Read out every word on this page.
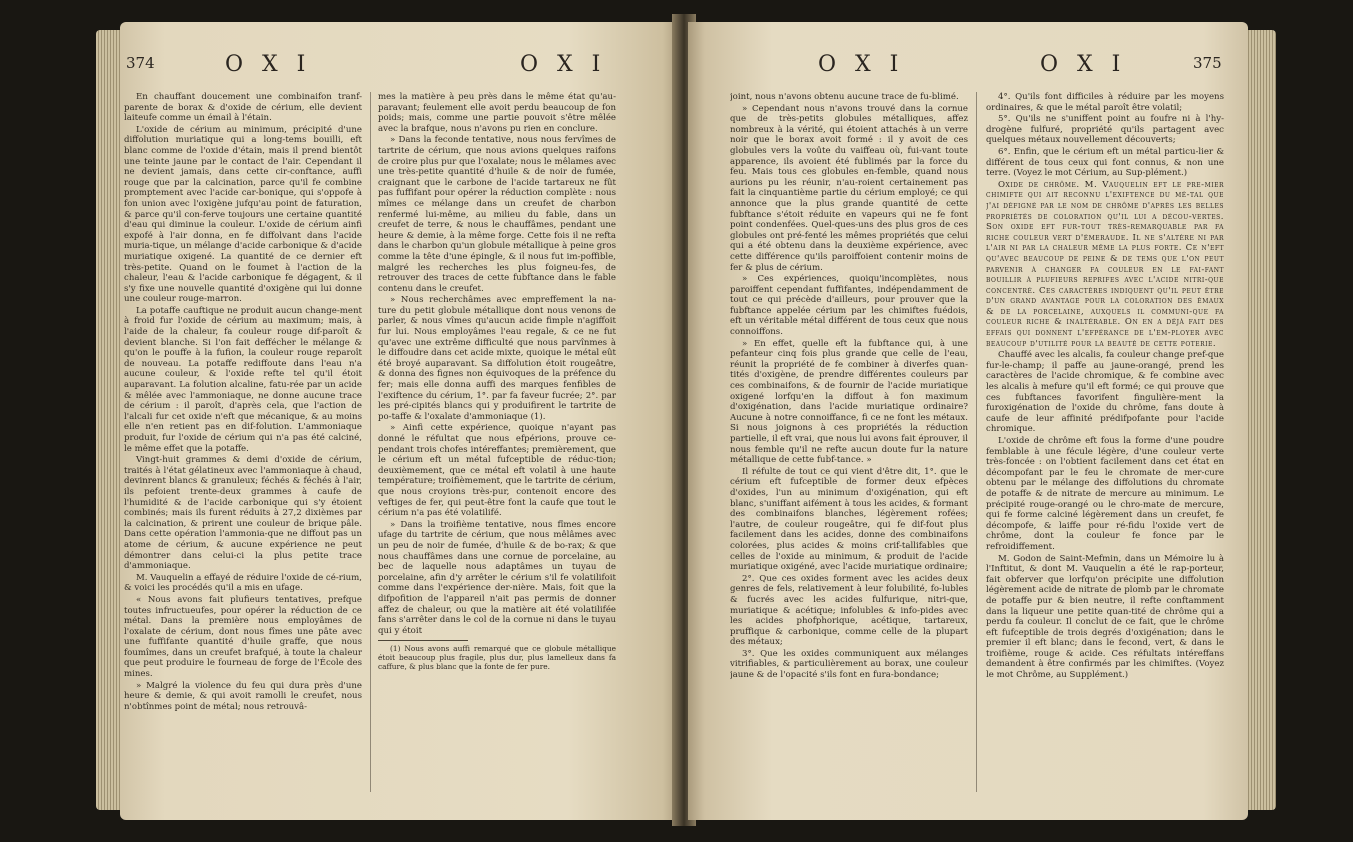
374	O X I	O X I

En chauffant doucement une combinaifon tranf-parente de borax & d'oxide de cérium, elle devient laiteufe comme un émail à l'étain.

L'oxide de cérium au minimum, précipité d'une diffolution muriatique qui a long-tems bouilli, eft blanc comme de l'oxide d'étain, mais il prend bientôt une teinte jaune par le contact de l'air. Cependant il ne devient jamais, dans cette cir-conftance, auffi rouge que par la calcination, parce qu'il fe combine promptement avec l'acide car-bonique, qui s'oppofe à fon union avec l'oxigène jufqu'au point de faturation, & parce qu'il con-ferve toujours une certaine quantité d'eau qui diminue la couleur. L'oxide de cérium ainfi expofé à l'air donna, en fe diffolvant dans l'acide muria-tique, un mélange d'acide carbonique & d'acide muriatique oxigené. La quantité de ce dernier eft très-petite. Quand on le foumet à l'action de la chaleur, l'eau & l'acide carbonique fe dégagent, & il s'y fixe une nouvelle quantité d'oxigène qui lui donne une couleur rouge-marron.

La potaffe cauftique ne produit aucun change-ment à froid fur l'oxide de cérium au maximum; mais, à l'aide de la chaleur, fa couleur rouge dif-paroît & devient blanche. Si l'on fait deffécher le mélange & qu'on le pouffe à la fufion, la couleur rouge reparoît de nouveau. La potaffe rediffoute dans l'eau n'a aucune couleur, & l'oxide refte tel qu'il étoit auparavant. La folution alcaline, fatu-rée par un acide & mêlée avec l'ammoniaque, ne donne aucune trace de cérium : il paroît, d'après cela, que l'action de l'alcali fur cet oxide n'eft que mécanique, & au moins elle n'en retient pas en dif-folution. L'ammoniaque produit, fur l'oxide de cérium qui n'a pas été calciné, le même effet que la potaffe.

Vingt-huit grammes & demi d'oxide de cérium, traités à l'état gélatineux avec l'ammoniaque à chaud, devinrent blancs & granuleux; féchés & féchés à l'air, ils pefoient trente-deux grammes à caufe de l'humidité & de l'acide carbonique qui s'y étoient combinés; mais ils furent réduits à 27,2 dixièmes par la calcination, & prirent une couleur de brique pâle. Dans cette opération l'ammonia-que ne diffout pas un atome de cérium, & aucune expérience ne peut démontrer dans celui-ci la plus petite trace d'ammoniaque.

M. Vauquelin a effayé de réduire l'oxide de cé-rium, & voici les procédés qu'il a mis en ufage.

« Nous avons fait plufieurs tentatives, prefque toutes infructueufes, pour opérer la réduction de ce métal. Dans la première nous employâmes de l'oxalate de cérium, dont nous fîmes une pâte avec une fuffifante quantité d'huile graffe, que nous foumîmes, dans un creufet brafqué, à toute la chaleur que peut produire le fourneau de forge de l'École des mines.

» Malgré la violence du feu qui dura près d'une heure & demie, & qui avoit ramolli le creufet, nous n'obtînmes point de métal; nous retrouvâ-

mes la matière à peu près dans le même état qu'au-paravant; feulement elle avoit perdu beaucoup de fon poids; mais, comme une partie pouvoit s'être mêlée avec la brafque, nous n'avons pu rien en conclure.

» Dans la feconde tentative, nous nous fervîmes de tartrite de cérium, que nous avions quelques raifons de croire plus pur que l'oxalate; nous le mêlames avec une très-petite quantité d'huile & de noir de fumée, craignant que le carbone de l'acide tartareux ne fût pas fuffifant pour opérer la réduction complète : nous mîmes ce mélange dans un creufet de charbon renfermé lui-même, au milieu du fable, dans un creufet de terre, & nous le chauffâmes, pendant une heure & demie, à la même forge. Cette fois il ne refta dans le charbon qu'un globule métallique à peine gros comme la tête d'une épingle, & il nous fut im-poffible, malgré les recherches les plus foigneu-fes, de retrouver des traces de cette fubftance dans le fable contenu dans le creufet.

» Nous recherchâmes avec empreffement la na-ture du petit globule métallique dont nous venons de parler, & nous vîmes qu'aucun acide fimple n'agiffoit fur lui. Nous employâmes l'eau regale, & ce ne fut qu'avec une extrême difficulté que nous parvînmes à le diffoudre dans cet acide mixte, quoique le métal eût été broyé auparavant. Sa diffolution étoit rougeâtre, & donna des fignes non équivoques de la préfence du fer; mais elle donna auffi des marques fenfibles de l'exiftence du cérium, 1°. par fa faveur fucrée; 2°. par les pré-cipités blancs qui y produifirent le tartrite de po-taffe & l'oxalate d'ammoniaque (1).

» Ainfi cette expérience, quoique n'ayant pas donné le réfultat que nous efpérions, prouve ce-pendant trois chofes intéreffantes; premièrement, que le cérium eft un métal fufceptible de réduc-tion; deuxièmement, que ce métal eft volatil à une haute température; troifièmement, que le tartrite de cérium, que nous croyions très-pur, contenoit encore des veftiges de fer, qui peut-être font la caufe que tout le cérium n'a pas été volatilifé.

» Dans la troifième tentative, nous fîmes encore ufage du tartrite de cérium, que nous mêlâmes avec un peu de noir de fumée, d'huile & de bo-rax; & que nous chauffâmes dans une cornue de porcelaine, au bec de laquelle nous adaptâmes un tuyau de porcelaine, afin d'y arrêter le cérium s'il fe volatilifoit comme dans l'expérience der-nière. Mais, foit que la difpofition de l'appareil n'ait pas permis de donner affez de chaleur, ou que la matière ait été volatilifée fans s'arrêter dans le col de la cornue ni dans le tuyau qui y étoit

(1) Nous avons auffi remarqué que ce globule métallique étoit beaucoup plus fragile, plus dur, plus lamelleux dans fa caffure, & plus blanc que la fonte de fer pure.

O X I	O X I	375

joint, nous n'avons obtenu aucune trace de fu-blimé.

» Cependant nous n'avons trouvé dans la cornue que de très-petits globules métalliques, affez nombreux à la vérité, qui étoient attachés à un verre noir que le borax avoit formé : il y avoit de ces globules vers la voûte du vaiffeau où, fui-vant toute apparence, ils avoient été fublimés par la force du feu. Mais tous ces globules en-femble, quand nous aurions pu les réunir, n'au-roient certainement pas fait la cinquantième partie du cérium employé; ce qui annonce que la plus grande quantité de cette fubftance s'étoit réduite en vapeurs qui ne fe font point condenfées. Quel-ques-uns des plus gros de ces globules ont pré-fenté les mêmes propriétés que celui qui a été obtenu dans la deuxième expérience, avec cette différence qu'ils paroiffoient contenir moins de fer & plus de cérium.

» Ces expériences, quoiqu'incomplètes, nous paroiffent cependant fuffifantes, indépendamment de tout ce qui précède d'ailleurs, pour prouver que la fubftance appelée cérium par les chimiftes fuédois, eft un véritable métal différent de tous ceux que nous connoiffons.

» En effet, quelle eft la fubftance qui, à une pefanteur cinq fois plus grande que celle de l'eau, réunit la propriété de fe combiner à diverfes quan-tités d'oxigène, de prendre différentes couleurs par ces combinaifons, & de fournir de l'acide muriatique oxigené lorfqu'en la diffout à fon maximum d'oxigénation, dans l'acide muriatique ordinaire? Aucune à notre connoiffance, fi ce ne font les métaux. Si nous joignons à ces propriétés la réduction partielle, il eft vrai, que nous lui avons fait éprouver, il nous femble qu'il ne refte aucun doute fur la nature métallique de cette fubf-tance. »

Il réfulte de tout ce qui vient d'être dit, 1°. que le cérium eft fufceptible de former deux efpèces d'oxides, l'un au minimum d'oxigénation, qui eft blanc, s'uniffant aifément à tous les acides, & formant des combinaifons blanches, légèrement rofées; l'autre, de couleur rougeâtre, qui fe dif-fout plus facilement dans les acides, donne des combinaifons colorées, plus acides & moins crif-tallifables que celles de l'oxide au minimum, & produit de l'acide muriatique oxigéné, avec l'acide muriatique ordinaire;

2°. Que ces oxides forment avec les acides deux genres de fels, relativement à leur folubilité, fo-lubles & fucrés avec les acides fulfurique, nitri-que, muriatique & acétique; infolubles & info-pides avec les acides phofphorique, acétique, tartareux, pruffique & carbonique, comme celle de la plupart des métaux;

3°. Que les oxides communiquent aux mélanges vitrifiables, & particulièrement au borax, une couleur jaune & de l'opacité s'ils font en fura-bondance;

4°. Qu'ils font difficiles à réduire par les moyens ordinaires, & que le métal paroît être volatil;

5°. Qu'ils ne s'uniffent point au foufre ni à l'hy-drogène fulfuré, propriété qu'ils partagent avec quelques métaux nouvellement découverts;

6°. Enfin, que le cérium eft un métal particu-lier & différent de tous ceux qui font connus, & non une terre. (Voyez le mot Cérium, au Sup-plément.)

Oxide de chrôme. M. Vauquelin eft le pre-mier chimifte qui ait reconnu l'exiftence du mé-tal que j'ai défigné par le nom de chrôme d'après les belles propriétés de coloration qu'il lui a décou-vertes. Son oxide eft fur-tout très-remarquable par fa riche couleur vert d'émeraude. Il ne s'altère ni par l'air ni par la chaleur même la plus forte. Ce n'eft qu'avec beaucoup de peine & de tems que l'on peut parvenir à changer fa couleur en le fai-fant bouillir à plufieurs reprifes avec l'acide nitri-que concentré. Ces caractères indiquent qu'il peut être d'un grand avantage pour la coloration des émaux & de la porcelaine, auxquels il communi-que fa couleur riche & inaltérable. On en a déjà fait des effais qui donnent l'efpérance de l'em-ployer avec beaucoup d'utilité pour la beauté de cette poterie.

Chauffé avec les alcalis, fa couleur change pref-que fur-le-champ; il paffe au jaune-orangé, prend les caractères de l'acide chromique, & fe combine avec les alcalis à mefure qu'il eft formé; ce qui prouve que ces fubftances favorifent fingulière-ment la furoxigénation de l'oxide du chrôme, fans doute à caufe de leur affinité prédifpofante pour l'acide chromique.

L'oxide de chrôme eft fous la forme d'une poudre femblable à une fécule légère, d'une couleur verte très-foncée : on l'obtient facilement dans cet état en décompofant par le feu le chromate de mer-cure obtenu par le mélange des diffolutions du chromate de potaffe & de nitrate de mercure au minimum. Le précipité rouge-orangé ou le chro-mate de mercure, qui fe forme calciné légèrement dans un creufet, fe décompofe, & laiffe pour ré-fidu l'oxide vert de chrôme, dont la couleur fe fonce par le refroidiffement.

M. Godon de Saint-Mefmin, dans un Mémoire lu à l'Inftitut, & dont M. Vauquelin a été le rap-porteur, fait obferver que lorfqu'on précipite une diffolution légèrement acide de nitrate de plomb par le chromate de potaffe pur & bien neutre, il refte conftamment dans la liqueur une petite quan-tité de chrôme qui a perdu fa couleur. Il conclut de ce fait, que le chrôme eft fufceptible de trois degrés d'oxigénation; dans le premier il eft blanc; dans le fecond, vert, & dans le troifième, rouge & acide. Ces réfultats intéreffans demandent à être confirmés par les chimiftes. (Voyez le mot Chrôme, au Supplément.)
